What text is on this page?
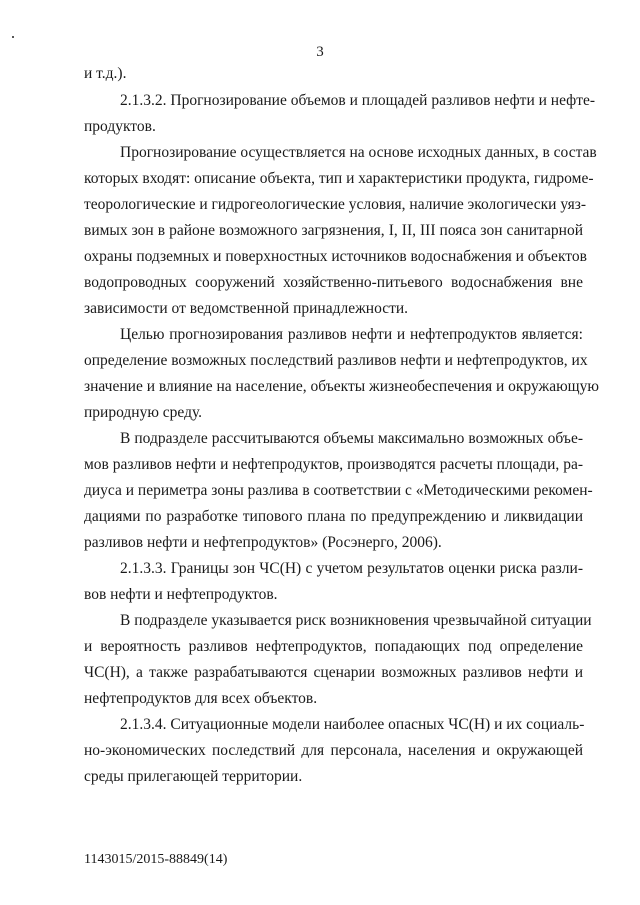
3
и т.д.).
2.1.3.2. Прогнозирование объемов и площадей разливов нефти и нефте-
продуктов.
Прогнозирование осуществляется на основе исходных данных, в состав
которых входят: описание объекта, тип и характеристики продукта, гидроме-
теорологические и гидрогеологические условия, наличие экологически уяз-
вимых зон в районе возможного загрязнения, I, II, III пояса зон санитарной
охраны подземных и поверхностных источников водоснабжения и объектов
водопроводных сооружений хозяйственно-питьевого водоснабжения вне
зависимости от ведомственной принадлежности.
Целью прогнозирования разливов нефти и нефтепродуктов является:
определение возможных последствий разливов нефти и нефтепродуктов, их
значение и влияние на население, объекты жизнеобеспечения и окружающую
природную среду.
В подразделе рассчитываются объемы максимально возможных объе-
мов разливов нефти и нефтепродуктов, производятся расчеты площади, ра-
диуса и периметра зоны разлива в соответствии с «Методическими рекомен-
дациями по разработке типового плана по предупреждению и ликвидации
разливов нефти и нефтепродуктов» (Росэнерго, 2006).
2.1.3.3. Границы зон ЧС(Н) с учетом результатов оценки риска разли-
вов нефти и нефтепродуктов.
В подразделе указывается риск возникновения чрезвычайной ситуации
и вероятность разливов нефтепродуктов, попадающих под определение
ЧС(Н), а также разрабатываются сценарии возможных разливов нефти и
нефтепродуктов для всех объектов.
2.1.3.4. Ситуационные модели наиболее опасных ЧС(Н) и их социаль-
но-экономических последствий для персонала, населения и окружающей
среды прилегающей территории.
1143015/2015-88849(14)
